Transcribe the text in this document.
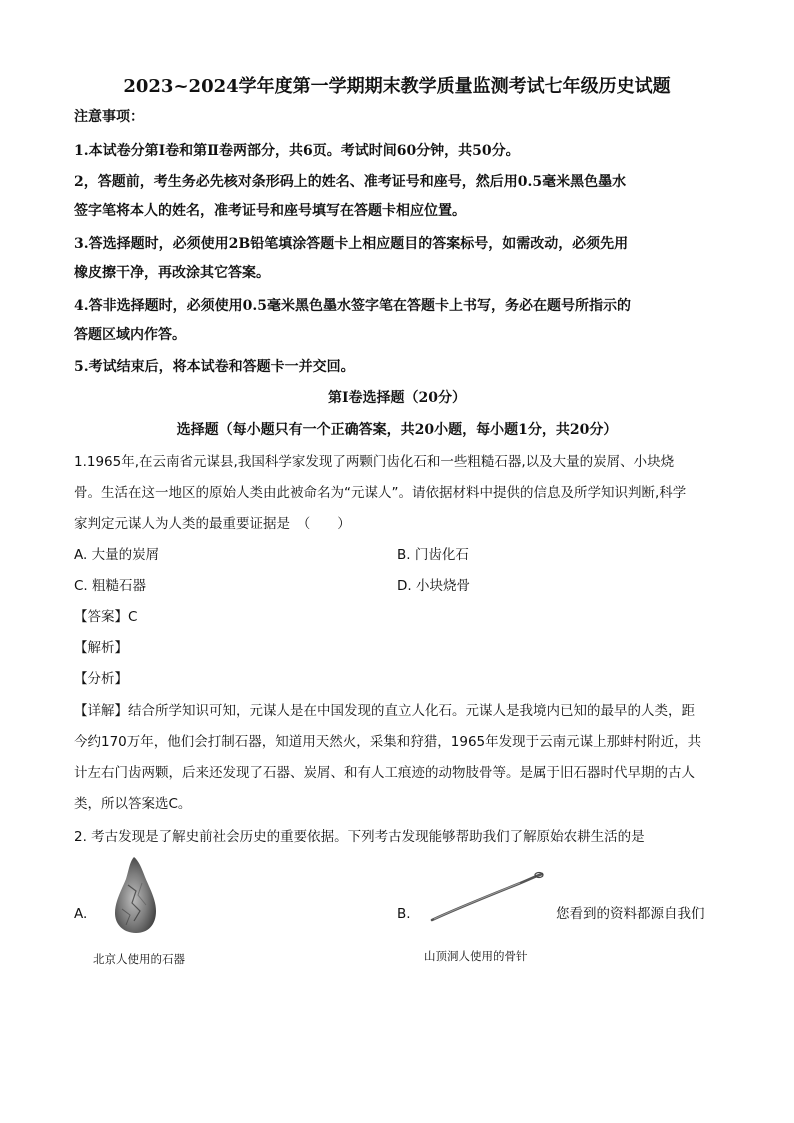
2023~2024学年度第一学期期末教学质量监测考试七年级历史试题
注意事项：
1.本试卷分第Ⅰ卷和第Ⅱ卷两部分，共6页。考试时间60分钟，共50分。
2，答题前，考生务必先核对条形码上的姓名、准考证号和座号，然后用0.5毫米黑色墨水
签字笔将本人的姓名，准考证号和座号填写在答题卡相应位置。
3.答选择题时，必须使用2B铅笔填涂答题卡上相应题目的答案标号，如需改动，必须先用
橡皮擦干净，再改涂其它答案。
4.答非选择题时，必须使用0.5毫米黑色墨水签字笔在答题卡上书写，务必在题号所指示的
答题区域内作答。
5.考试结束后，将本试卷和答题卡一并交回。
第Ⅰ卷选择题（20分）
选择题（每小题只有一个正确答案，共20小题，每小题1分，共20分）
1.1965年,在云南省元谋县,我国科学家发现了两颗门齿化石和一些粗糙石器,以及大量的炭屑、小块烧
骨。生活在这一地区的原始人类由此被命名为“元谋人”。请依据材料中提供的信息及所学知识判断,科学
家判定元谋人为人类的最重要证据是　（　　）
A. 大量的炭屑	B. 门齿化石
C. 粗糙石器	D. 小块烧骨
【答案】C
【解析】
【分析】
【详解】结合所学知识可知，元谋人是在中国发现的直立人化石。元谋人是我境内已知的最早的人类，距
今约170万年，他们会打制石器，知道用天然火，采集和狩猎，1965年发现于云南元谋上那蚌村附近，共
计左右门齿两颗，后来还发现了石器、炭屑、和有人工痕迹的动物肢骨等。是属于旧石器时代早期的古人
类，所以答案选C。
2. 考古发现是了解史前社会历史的重要依据。下列考古发现能够帮助我们了解原始农耕生活的是
A.
北京人使用的石器
B.
山顶洞人使用的骨针
您看到的资料都源自我们
